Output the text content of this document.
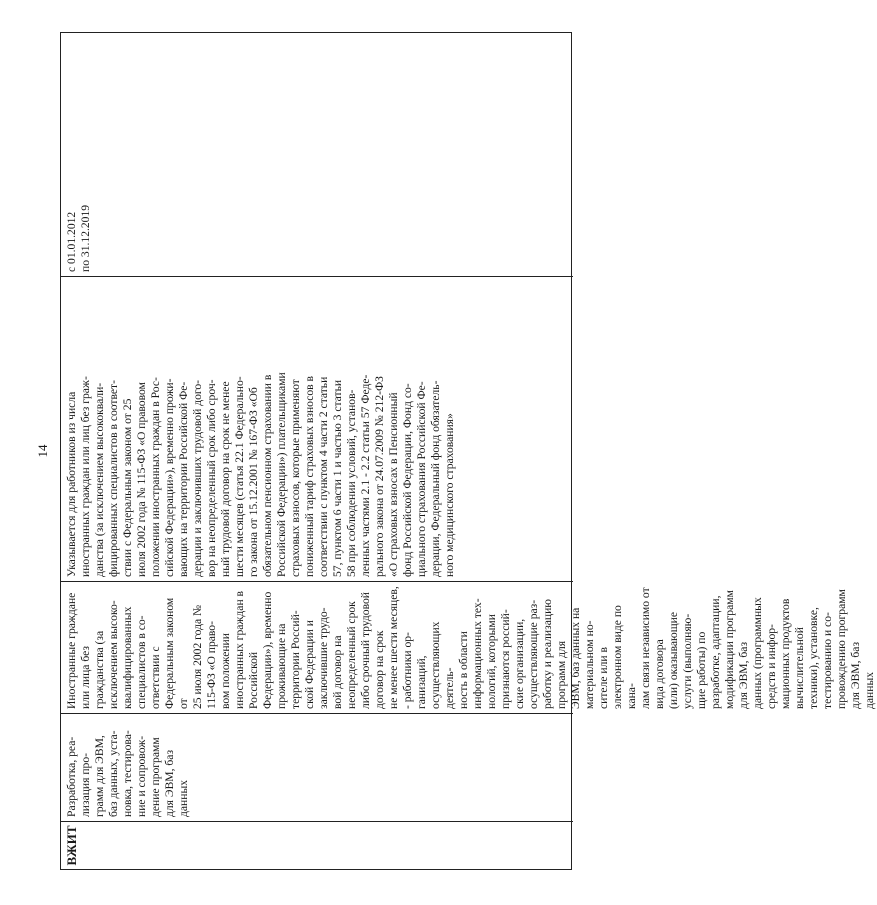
14
ВЖИТ
Разработка, реа-
лизация про-
грамм для ЭВМ,
баз данных, уста-
новка, тестирова-
ние и сопровож-
дение программ
для ЭВМ, баз
данных
Иностранные граждане или лица без
гражданства (за исключением высоко-
квалифицированных специалистов в со-
ответствии с Федеральным законом от
25 июля 2002 года № 115-ФЗ «О право-
вом положении иностранных граждан в
Российской Федерации»), временно
проживающие на территории Россий-
ской Федерации и заключившие трудо-
вой договор на неопределенный срок
либо срочный трудовой договор на срок
не менее шести месяцев, - работники ор-
ганизаций, осуществляющих деятель-
ность в области информационных тех-
нологий, которыми признаются россий-
ские организации, осуществляющие раз-
работку и реализацию программ для
ЭВМ, баз данных на материальном но-
сителе или в электронном виде по кана-
лам связи независимо от вида договора
(или) оказывающие услуги (выполняю-
щие работы) по разработке, адаптации,
модификации программ для ЭВМ, баз
данных (программных средств и инфор-
мационных продуктов вычислительной
техники), установке, тестированию и со-
провождению программ для ЭВМ, баз
данных
Указывается для работников из числа
иностранных граждан или лиц без граж-
данства (за исключением высококвали-
фицированных специалистов в соответ-
ствии с Федеральным законом от 25
июля 2002 года № 115-ФЗ «О правовом
положении иностранных граждан в Рос-
сийской Федерации»), временно прожи-
вающих на территории Российской Фе-
дерации и заключивших трудовой дого-
вор на неопределенный срок либо сроч-
ный трудовой договор на срок не менее
шести месяцев (статья 22.1 Федерально-
го закона от 15.12.2001 № 167-ФЗ «Об
обязательном пенсионном страховании в
Российской Федерации») плательщиками
страховых взносов, которые применяют
пониженный тариф страховых взносов в
соответствии с пунктом 4 части 2 статьи
57, пунктом 6 части 1 и частью 3 статьи
58 при соблюдении условий, установ-
ленных частями 2.1 - 2.2 статьи 57 Феде-
рального закона от 24.07.2009 № 212-ФЗ
«О страховых взносах в Пенсионный
фонд Российской Федерации, Фонд со-
циального страхования Российской Фе-
дерации, Федеральный фонд обязатель-
ного медицинского страхования»
с 01.01.2012
по 31.12.2019
